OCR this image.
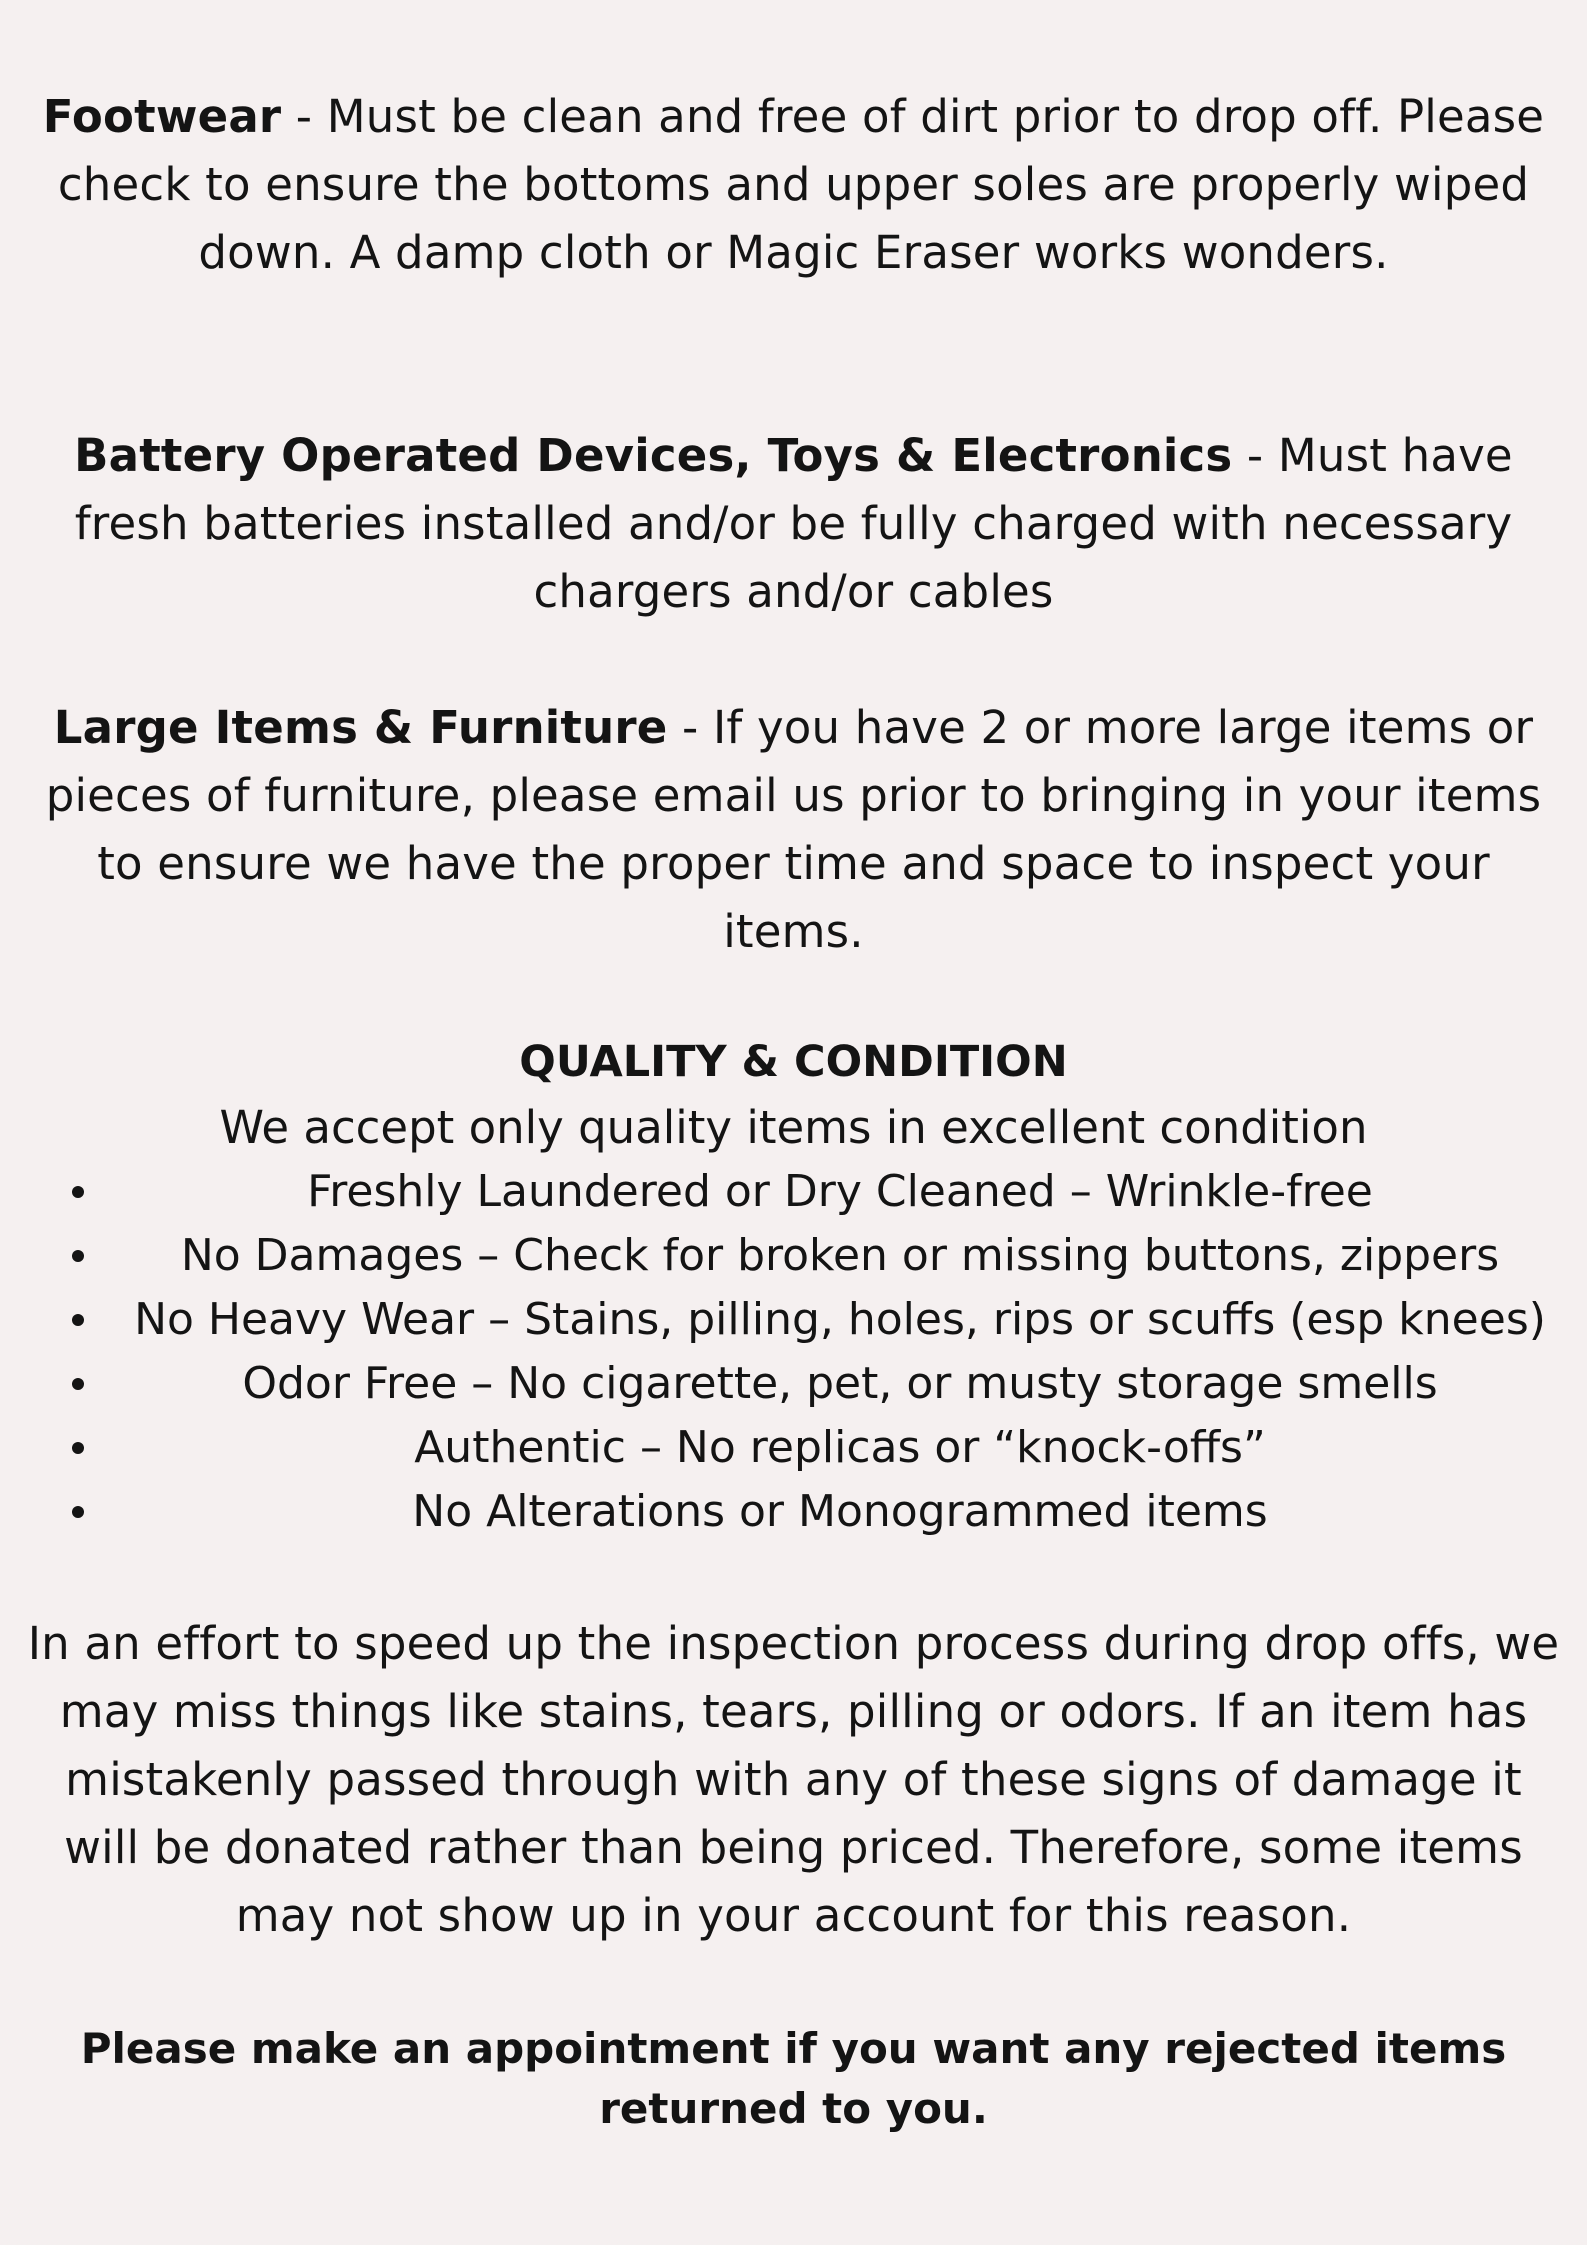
Footwear - Must be clean and free of dirt prior to drop off. Please check to ensure the bottoms and upper soles are properly wiped down. A damp cloth or Magic Eraser works wonders.

Battery Operated Devices, Toys & Electronics - Must have fresh batteries installed and/or be fully charged with necessary chargers and/or cables

Large Items & Furniture - If you have 2 or more large items or pieces of furniture, please email us prior to bringing in your items to ensure we have the proper time and space to inspect your items.

QUALITY & CONDITION
We accept only quality items in excellent condition
Freshly Laundered or Dry Cleaned – Wrinkle-free
No Damages – Check for broken or missing buttons, zippers
No Heavy Wear – Stains, pilling, holes, rips or scuffs (esp knees)
Odor Free – No cigarette, pet, or musty storage smells
Authentic – No replicas or “knock-offs”
No Alterations or Monogrammed items

In an effort to speed up the inspection process during drop offs, we may miss things like stains, tears, pilling or odors. If an item has mistakenly passed through with any of these signs of damage it will be donated rather than being priced. Therefore, some items may not show up in your account for this reason.

Please make an appointment if you want any rejected items returned to you.
